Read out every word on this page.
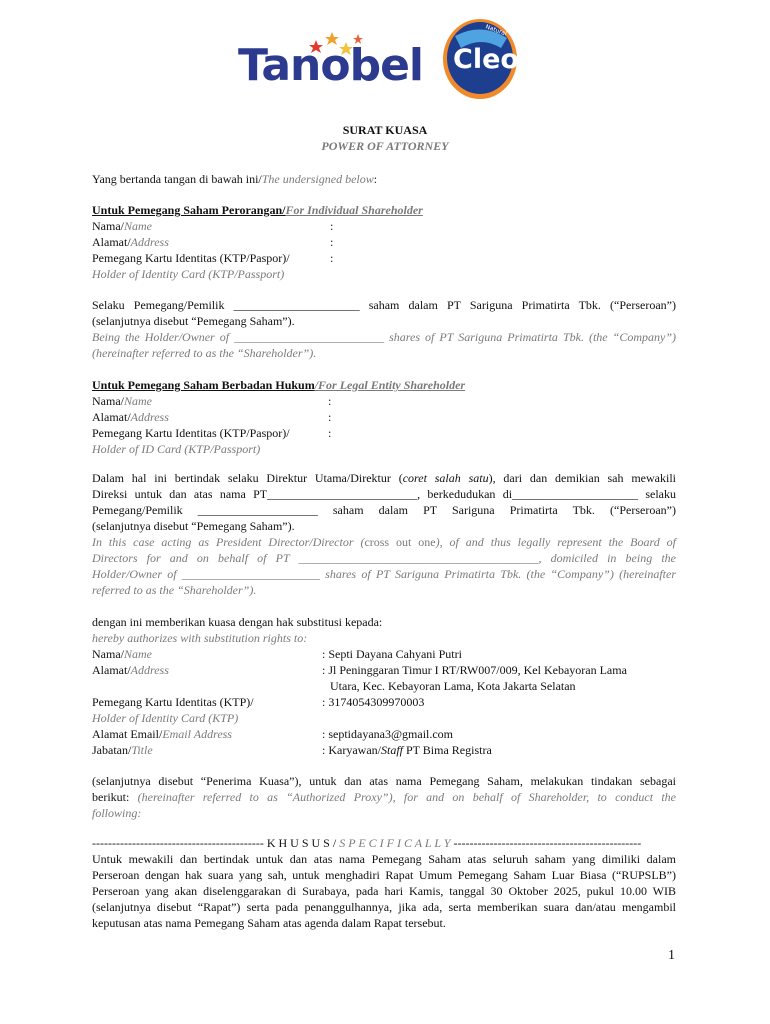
Tanobel Cleo
Natural
SURAT KUASA
POWER OF ATTORNEY
Yang bertanda tangan di bawah ini/The undersigned below:
Untuk Pemegang Saham Perorangan/For Individual Shareholder
Nama/Name	:
Alamat/Address	:
Pemegang Kartu Identitas (KTP/Paspor)/	:
Holder of Identity Card (KTP/Passport)
Selaku Pemegang/Pemilik _____________________ saham dalam PT Sariguna Primatirta Tbk. (“Perseroan”)
(selanjutnya disebut “Pemegang Saham”).
Being the Holder/Owner of _________________________ shares of PT Sariguna Primatirta Tbk. (the “Company”)
(hereinafter referred to as the “Shareholder”).
Untuk Pemegang Saham Berbadan Hukum/For Legal Entity Shareholder
Nama/Name	:
Alamat/Address	:
Pemegang Kartu Identitas (KTP/Paspor)/	:
Holder of ID Card (KTP/Passport)
Dalam hal ini bertindak selaku Direktur Utama/Direktur (coret salah satu), dari dan demikian sah mewakili
Direksi untuk dan atas nama PT_________________________, berkedudukan di_____________________ selaku
Pemegang/Pemilik ____________________ saham dalam PT Sariguna Primatirta Tbk. (“Perseroan”)
(selanjutnya disebut “Pemegang Saham”).
In this case acting as President Director/Director (cross out one), of and thus legally represent the Board of
Directors for and on behalf of PT ________________________________________, domiciled in being the
Holder/Owner of _______________________ shares of PT Sariguna Primatirta Tbk. (the “Company”) (hereinafter
referred to as the “Shareholder”).
dengan ini memberikan kuasa dengan hak substitusi kepada:
hereby authorizes with substitution rights to:
Nama/Name	: Septi Dayana Cahyani Putri
Alamat/Address	: Jl Peninggaran Timur I RT/RW007/009, Kel Kebayoran Lama
Utara, Kec. Kebayoran Lama, Kota Jakarta Selatan
Pemegang Kartu Identitas (KTP)/	: 3174054309970003
Holder of Identity Card (KTP)
Alamat Email/Email Address	: septidayana3@gmail.com
Jabatan/Title	: Karyawan/Staff PT Bima Registra
(selanjutnya disebut “Penerima Kuasa”), untuk dan atas nama Pemegang Saham, melakukan tindakan sebagai
berikut: (hereinafter referred to as “Authorized Proxy”), for and on behalf of Shareholder, to conduct the
following:
------------------------------------------- K H U S U S / S P E C I F I C A L L Y -----------------------------------------------
Untuk mewakili dan bertindak untuk dan atas nama Pemegang Saham atas seluruh saham yang dimiliki dalam
Perseroan dengan hak suara yang sah, untuk menghadiri Rapat Umum Pemegang Saham Luar Biasa (“RUPSLB”)
Perseroan yang akan diselenggarakan di Surabaya, pada hari Kamis, tanggal 30 Oktober 2025, pukul 10.00 WIB
(selanjutnya disebut “Rapat”) serta pada penanggulhannya, jika ada, serta memberikan suara dan/atau mengambil
keputusan atas nama Pemegang Saham atas agenda dalam Rapat tersebut.
1
